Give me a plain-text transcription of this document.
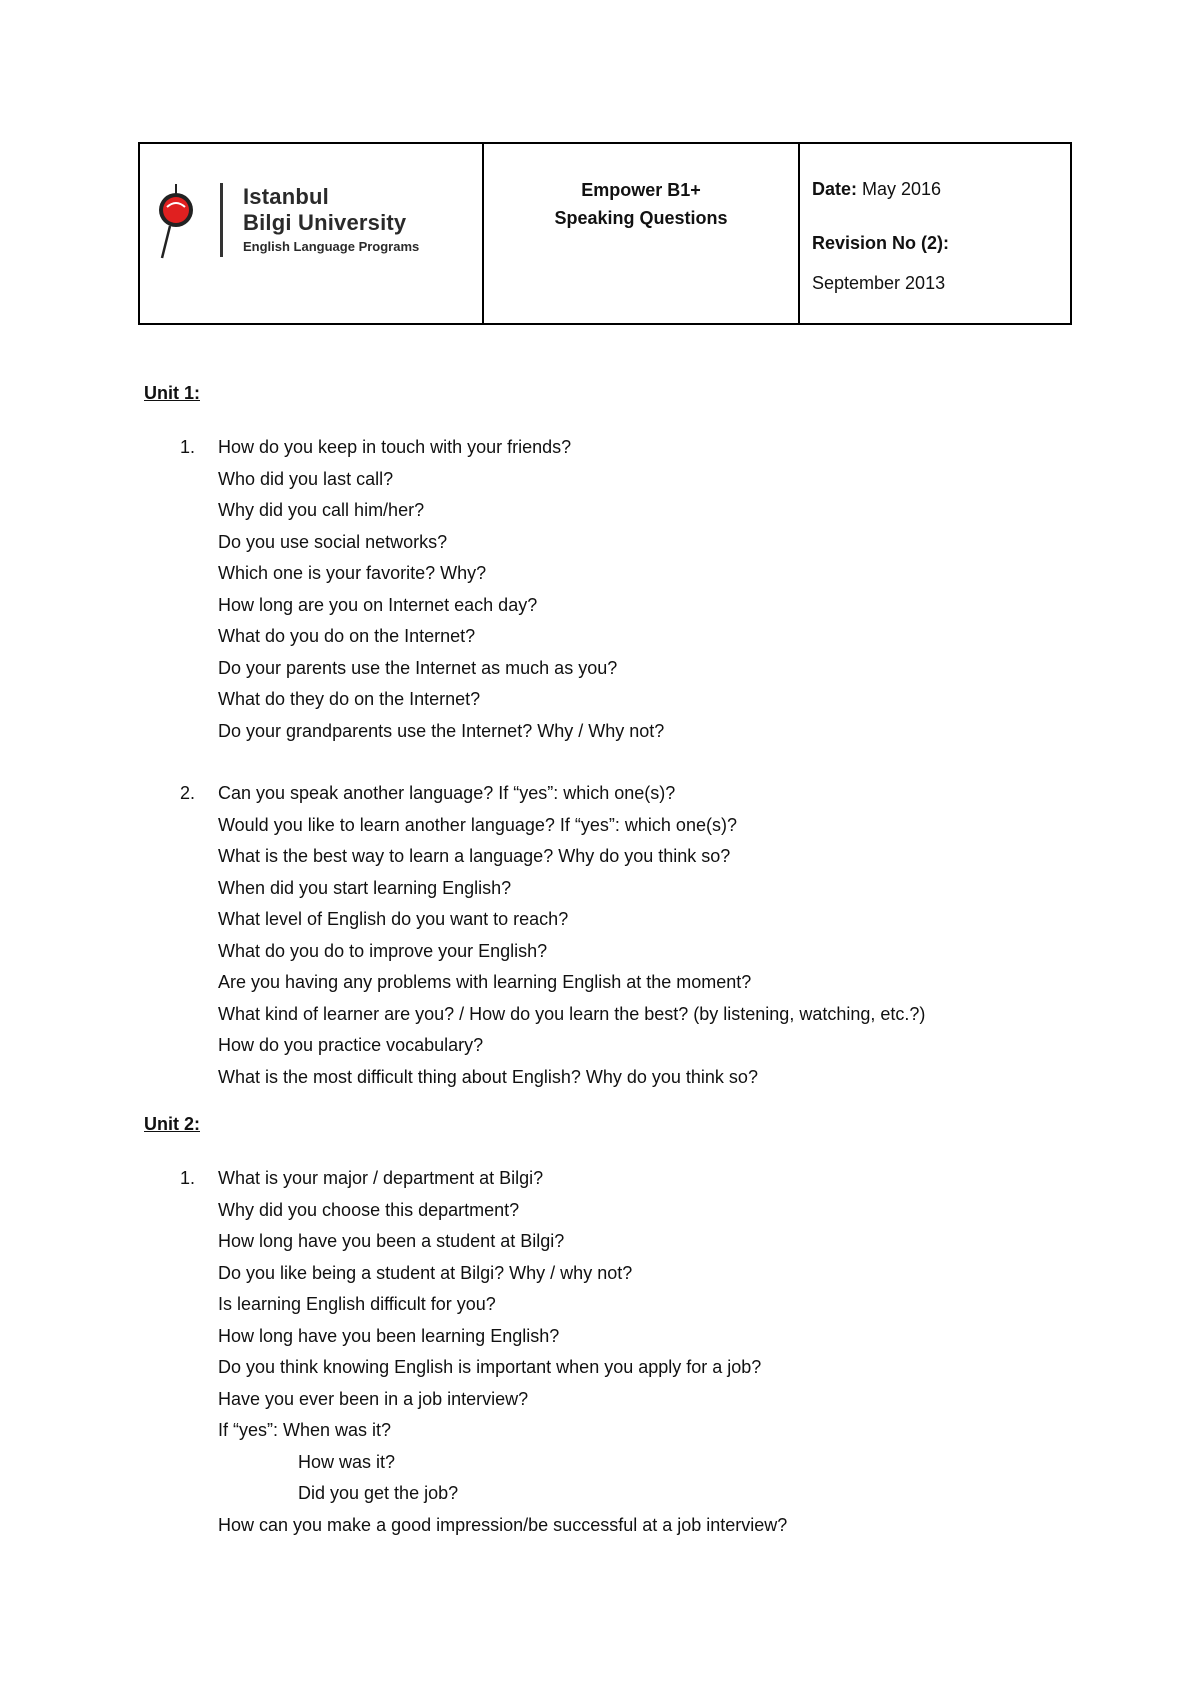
Istanbul
Bilgi University
English Language Programs
Empower B1+
Speaking Questions
Date: May 2016
Revision No (2):
September 2013

Unit 1:

1. How do you keep in touch with your friends?
Who did you last call?
Why did you call him/her?
Do you use social networks?
Which one is your favorite? Why?
How long are you on Internet each day?
What do you do on the Internet?
Do your parents use the Internet as much as you?
What do they do on the Internet?
Do your grandparents use the Internet? Why / Why not?
2. Can you speak another language? If “yes”: which one(s)?
Would you like to learn another language? If “yes”: which one(s)?
What is the best way to learn a language? Why do you think so?
When did you start learning English?
What level of English do you want to reach?
What do you do to improve your English?
Are you having any problems with learning English at the moment?
What kind of learner are you? / How do you learn the best? (by listening, watching, etc.?)
How do you practice vocabulary?
What is the most difficult thing about English? Why do you think so?

Unit 2:

1. What is your major / department at Bilgi?
Why did you choose this department?
How long have you been a student at Bilgi?
Do you like being a student at Bilgi? Why / why not?
Is learning English difficult for you?
How long have you been learning English?
Do you think knowing English is important when you apply for a job?
Have you ever been in a job interview?
If “yes”: When was it?
How was it?
Did you get the job?
How can you make a good impression/be successful at a job interview?
